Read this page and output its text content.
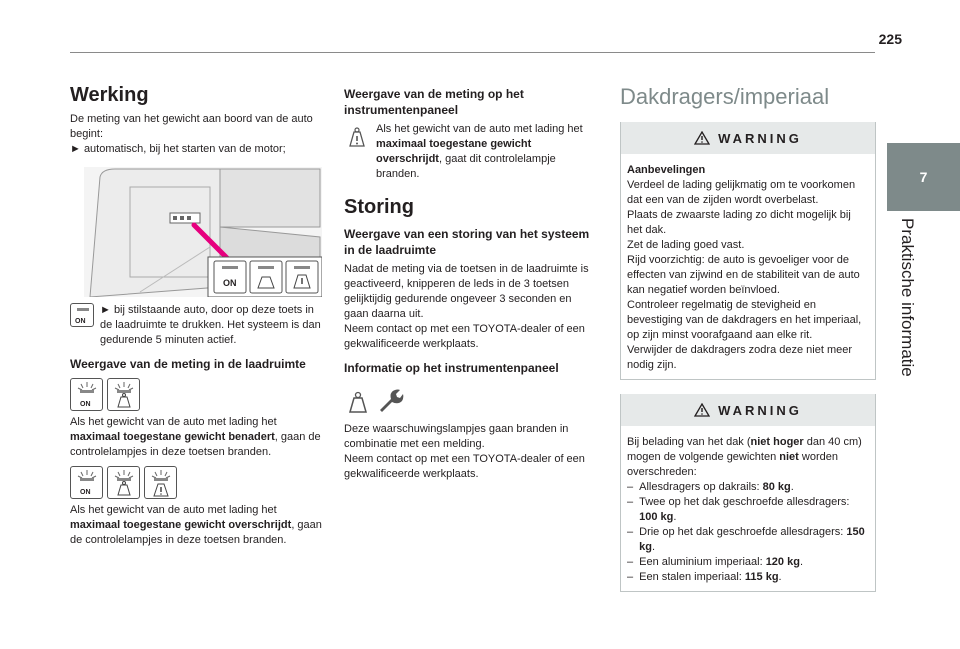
225
7
Praktische informatie
Werking

De meting van het gewicht aan boord van de auto begint:

► automatisch, bij het starten van de motor;

ON
ON

► bij stilstaande auto, door op deze toets in de laadruimte te drukken. Het systeem is dan gedurende 5 minuten actief.

Weergave van de meting in de laadruimte
ON

Als het gewicht van de auto met lading het maximaal toegestane gewicht benadert, gaan de controlelampjes in deze toetsen branden.

ON

Als het gewicht van de auto met lading het maximaal toegestane gewicht overschrijdt, gaan de controlelampjes in deze toetsen branden.

Weergave van de meting op het instrumentenpaneel

Als het gewicht van de auto met lading het maximaal toegestane gewicht overschrijdt, gaat dit controlelampje branden.

Storing
Weergave van een storing van het systeem in de laadruimte

Nadat de meting via de toetsen in de laadruimte is geactiveerd, knipperen de leds in de 3 toetsen gelijktijdig gedurende ongeveer 3 seconden en gaan daarna uit.

Neem contact op met een TOYOTA-dealer of een gekwalificeerde werkplaats.

Informatie op het instrumentenpaneel

Deze waarschuwingslampjes gaan branden in combinatie met een melding.

Neem contact op met een TOYOTA-dealer of een gekwalificeerde werkplaats.

Dakdragers/imperiaal
WARNING

Aanbevelingen

Verdeel de lading gelijkmatig om te voorkomen dat een van de zijden wordt overbelast.

Plaats de zwaarste lading zo dicht mogelijk bij het dak.

Zet de lading goed vast.

Rijd voorzichtig: de auto is gevoeliger voor de effecten van zijwind en de stabiliteit van de auto kan negatief worden beïnvloed.

Controleer regelmatig de stevigheid en bevestiging van de dakdragers en het imperiaal, op zijn minst voorafgaand aan elke rit.

Verwijder de dakdragers zodra deze niet meer nodig zijn.

WARNING

Bij belading van het dak (niet hoger dan 40 cm) mogen de volgende gewichten niet worden overschreden:

– Allesdragers op dakrails: 80 kg.
– Twee op het dak geschroefde allesdragers: 100 kg.
– Drie op het dak geschroefde allesdragers: 150 kg.
– Een aluminium imperiaal: 120 kg.
– Een stalen imperiaal: 115 kg.
